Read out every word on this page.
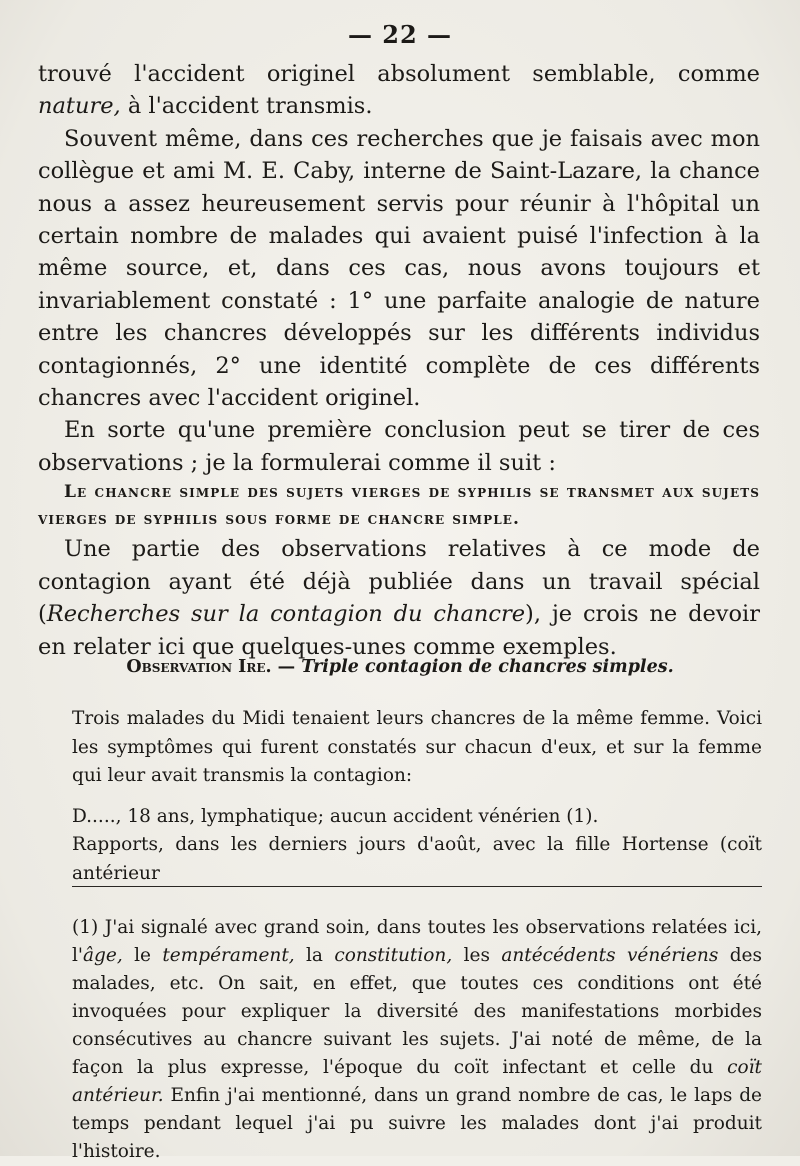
— 22 —

trouvé l'accident originel absolument semblable, comme nature, à l'accident transmis.

Souvent même, dans ces recherches que je faisais avec mon collègue et ami M. E. Caby, interne de Saint-Lazare, la chance nous a assez heureusement servis pour réunir à l'hôpital un certain nombre de malades qui avaient puisé l'infection à la même source, et, dans ces cas, nous avons toujours et invariablement constaté : 1° une parfaite analogie de nature entre les chancres développés sur les différents individus contagionnés, 2° une identité complète de ces différents chancres avec l'accident originel.

En sorte qu'une première conclusion peut se tirer de ces observations ; je la formulerai comme il suit :

Le chancre simple des sujets vierges de syphilis se transmet aux sujets vierges de syphilis sous forme de chancre simple.

Une partie des observations relatives à ce mode de contagion ayant été déjà publiée dans un travail spécial (Recherches sur la contagion du chancre), je crois ne devoir en relater ici que quelques-unes comme exemples.

Observation Ire. — Triple contagion de chancres simples.

Trois malades du Midi tenaient leurs chancres de la même femme. Voici les symptômes qui furent constatés sur chacun d'eux, et sur la femme qui leur avait transmis la contagion:

D....., 18 ans, lymphatique; aucun accident vénérien (1).

Rapports, dans les derniers jours d'août, avec la fille Hortense (coït antérieur

(1) J'ai signalé avec grand soin, dans toutes les observations relatées ici, l'âge, le tempérament, la constitution, les antécédents vénériens des malades, etc. On sait, en effet, que toutes ces conditions ont été invoquées pour expliquer la diversité des manifestations morbides consécutives au chancre suivant les sujets. J'ai noté de même, de la façon la plus expresse, l'époque du coït infectant et celle du coït antérieur. Enfin j'ai mentionné, dans un grand nombre de cas, le laps de temps pendant lequel j'ai pu suivre les malades dont j'ai produit l'histoire.
